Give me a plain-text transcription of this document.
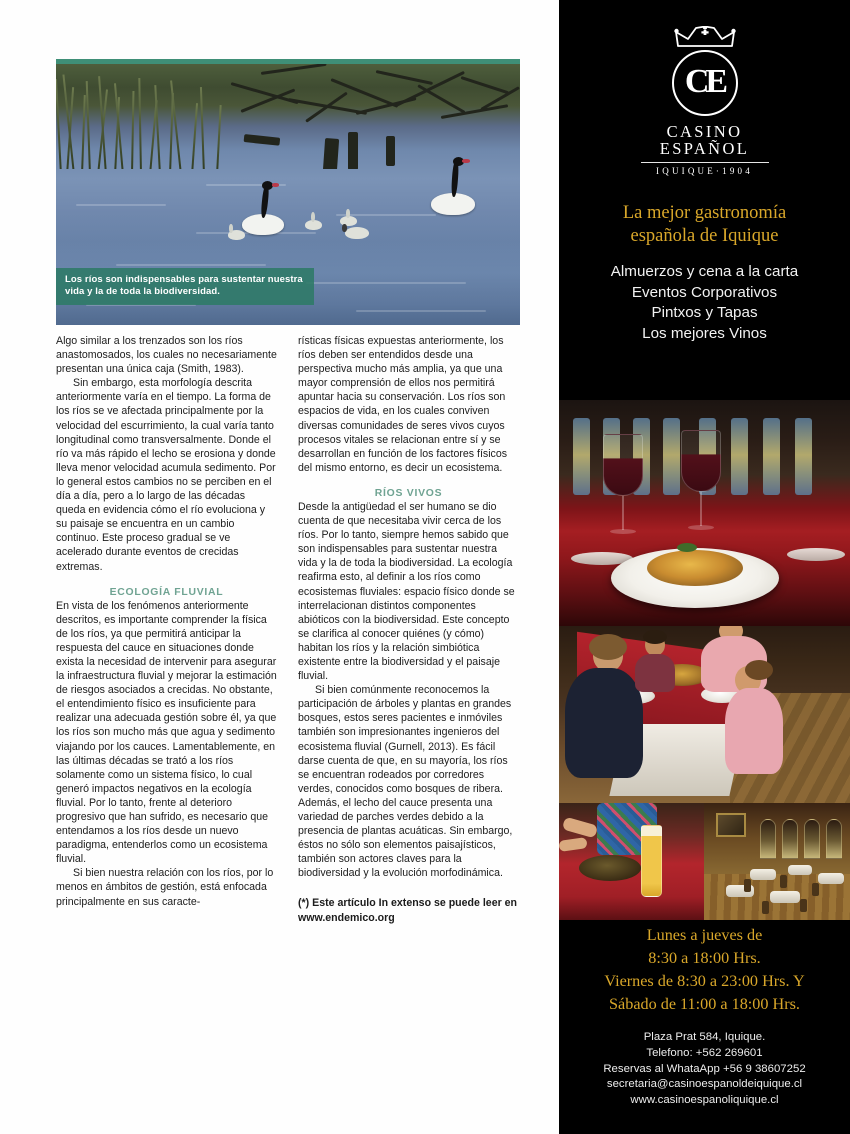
Los ríos son indispensables para sustentar nuestra vida y la de toda la biodiversidad.

Algo similar a los trenzados son los ríos anastomosados, los cuales no necesariamente presentan una única caja (Smith, 1983).

Sin embargo, esta morfología descrita anteriormente varía en el tiempo. La forma de los ríos se ve afectada principalmente por la velocidad del escurrimiento, la cual varía tanto longitudinal como transversalmente. Donde el río va más rápido el lecho se erosiona y donde lleva menor velocidad acumula sedimento. Por lo general estos cambios no se perciben en el día a día, pero a lo largo de las décadas queda en evidencia cómo el río evoluciona y su paisaje se encuentra en un cambio continuo. Este proceso gradual se ve acelerado durante eventos de crecidas extremas.

ECOLOGÍA FLUVIAL

En vista de los fenómenos anteriormente descritos, es importante comprender la física de los ríos, ya que permitirá anticipar la respuesta del cauce en situaciones donde exista la necesidad de intervenir para asegurar la infraestructura fluvial y mejorar la estimación de riesgos asociados a crecidas. No obstante, el entendimiento físico es insuficiente para realizar una adecuada gestión sobre él, ya que los ríos son mucho más que agua y sedimento viajando por los cauces. Lamentablemente, en las últimas décadas se trató a los ríos solamente como un sistema físico, lo cual generó impactos negativos en la ecología fluvial. Por lo tanto, frente al deterioro progresivo que han sufrido, es necesario que entendamos a los ríos desde un nuevo paradigma, entenderlos como un ecosistema fluvial.

Si bien nuestra relación con los ríos, por lo menos en ámbitos de gestión, está enfocada principalmente en sus caracte-

rísticas físicas expuestas anteriormente, los ríos deben ser entendidos desde una perspectiva mucho más amplia, ya que una mayor comprensión de ellos nos permitirá apuntar hacia su conservación. Los ríos son espacios de vida, en los cuales conviven diversas comunidades de seres vivos cuyos procesos vitales se relacionan entre sí y se desarrollan en función de los factores físicos del mismo entorno, es decir un ecosistema.

RÍOS VIVOS

Desde la antigüedad el ser humano se dio cuenta de que necesitaba vivir cerca de los ríos. Por lo tanto, siempre hemos sabido que son indispensables para sustentar nuestra vida y la de toda la biodiversidad. La ecología reafirma esto, al definir a los ríos como ecosistemas fluviales: espacio físico donde se interrelacionan distintos componentes abióticos con la biodiversidad. Este concepto se clarifica al conocer quiénes (y cómo) habitan los ríos y la relación simbiótica existente entre la biodiversidad y el paisaje fluvial.

Si bien comúnmente reconocemos la participación de árboles y plantas en grandes bosques, estos seres pacientes e inmóviles también son impresionantes ingenieros del ecosistema fluvial (Gurnell, 2013). Es fácil darse cuenta de que, en su mayoría, los ríos se encuentran rodeados por corredores verdes, conocidos como bosques de ribera. Además, el lecho del cauce presenta una variedad de parches verdes debido a la presencia de plantas acuáticas. Sin embargo, éstos no sólo son elementos paisajísticos, también son actores claves para la biodiversidad y la evolución morfodinámica.

(*) Este artículo In extenso se puede leer en www.endemico.org

CE
CASINO
ESPAÑOL
IQUIQUE·1904
La mejor gastronomía
española de Iquique
Almuerzos y cena a la carta
Eventos Corporativos
Pintxos y Tapas
Los mejores Vinos
Lunes a jueves de
8:30 a 18:00 Hrs.
Viernes de 8:30 a 23:00 Hrs. Y
Sábado de 11:00 a 18:00 Hrs.
Plaza Prat 584, Iquique.
Telefono: +562 269601
Reservas al WhataApp +56 9 38607252
secretaria@casinoespanoldeiquique.cl
www.casinoespanoliquique.cl
